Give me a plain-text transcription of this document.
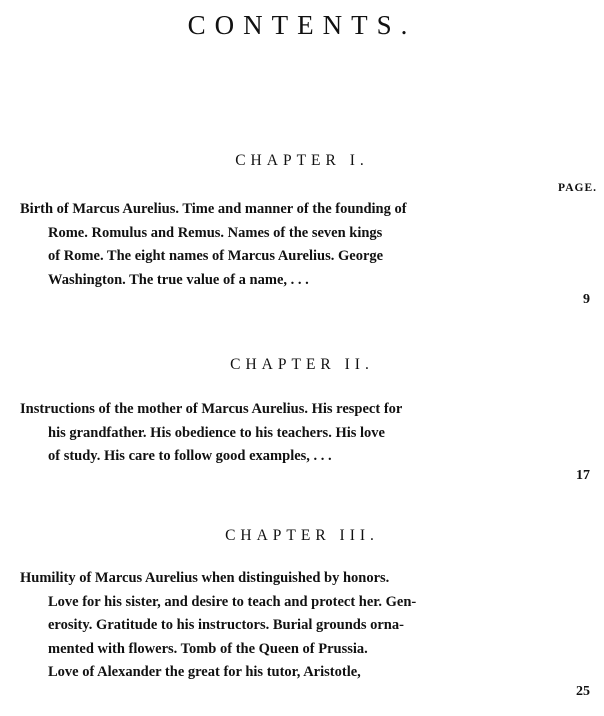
CONTENTS.
PAGE.
CHAPTER I.
Birth of Marcus Aurelius. Time and manner of the founding of
Rome. Romulus and Remus. Names of the seven kings
of Rome. The eight names of Marcus Aurelius. George
Washington. The true value of a name, . . .
9
CHAPTER II.
Instructions of the mother of Marcus Aurelius. His respect for
his grandfather. His obedience to his teachers. His love
of study. His care to follow good examples, . . .
17
CHAPTER III.
Humility of Marcus Aurelius when distinguished by honors.
Love for his sister, and desire to teach and protect her. Gen-
erosity. Gratitude to his instructors. Burial grounds orna-
mented with flowers. Tomb of the Queen of Prussia.
Love of Alexander the great for his tutor, Aristotle,
25
